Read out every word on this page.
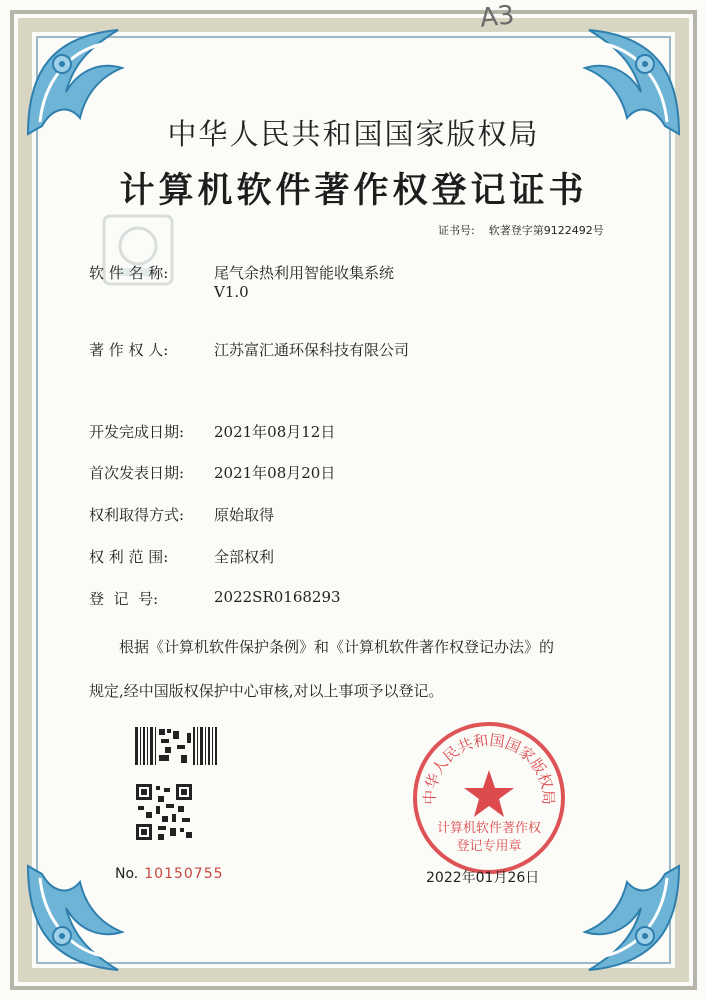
A3
中华人民共和国国家版权局
计算机软件著作权登记证书
证书号: 软著登字第9122492号
软 件 名 称:	尾气余热利用智能收集系统
V1.0
著 作 权 人:	江苏富汇通环保科技有限公司
开发完成日期: 2021年08月12日
首次发表日期: 2021年08月20日
权利取得方式: 原始取得
权 利 范 围:	全部权利
登  记  号:	2022SR0168293
根据《计算机软件保护条例》和《计算机软件著作权登记办法》的
规定,经中国版权保护中心审核,对以上事项予以登记。
No. 10150755
中华人民共和国国家版权局
计算机软件著作权
登记专用章
2022年01月26日
